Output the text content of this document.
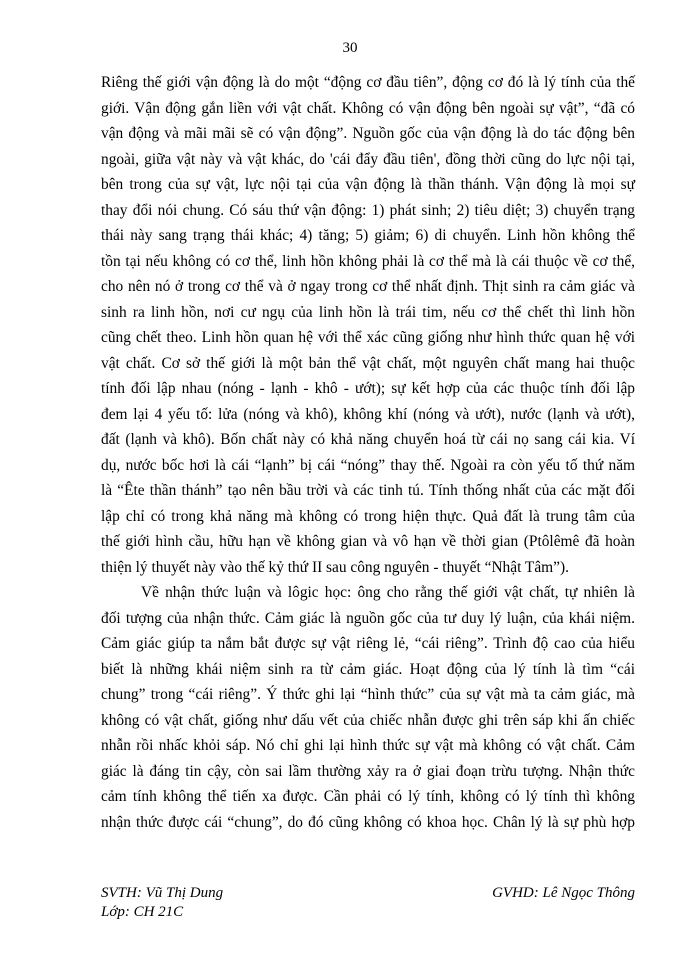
30

Riêng thế giới vận động là do một “động cơ đầu tiên”, động cơ đó là lý tính của thế
giới. Vận động gắn liền với vật chất. Không có vận động bên ngoài sự vật”, “đã có
vận động và mãi mãi sẽ có vận động”. Nguồn gốc của vận động là do tác động bên
ngoài, giữa vật này và vật khác, do 'cái đẩy đầu tiên', đồng thời cũng do lực nội tại,
bên trong của sự vật, lực nội tại của vận động là thần thánh. Vận động là mọi sự
thay đổi nói chung. Có sáu thứ vận động: 1) phát sinh; 2) tiêu diệt; 3) chuyển trạng
thái này sang trạng thái khác; 4) tăng; 5) giảm; 6) di chuyển. Linh hồn không thể
tồn tại nếu không có cơ thể, linh hồn không phải là cơ thể mà là cái thuộc về cơ thể,
cho nên nó ở trong cơ thể và ở ngay trong cơ thể nhất định. Thịt sinh ra cảm giác và
sinh ra linh hồn, nơi cư ngụ của linh hồn là trái tim, nếu cơ thể chết thì linh hồn
cũng chết theo. Linh hồn quan hệ với thể xác cũng giống như hình thức quan hệ với
vật chất. Cơ sở thế giới là một bản thể vật chất, một nguyên chất mang hai thuộc
tính đối lập nhau (nóng - lạnh - khô - ướt); sự kết hợp của các thuộc tính đối lập
đem lại 4 yếu tố: lửa (nóng và khô), không khí (nóng và ướt), nước (lạnh và ướt),
đất (lạnh và khô). Bốn chất này có khả năng chuyển hoá từ cái nọ sang cái kia. Ví
dụ, nước bốc hơi là cái “lạnh” bị cái “nóng” thay thế. Ngoài ra còn yếu tố thứ năm
là “Ête thần thánh” tạo nên bầu trời và các tinh tú. Tính thống nhất của các mặt đối
lập chỉ có trong khả năng mà không có trong hiện thực. Quả đất là trung tâm của
thế giới hình cầu, hữu hạn về không gian và vô hạn về thời gian (Ptôlêmê đã hoàn
thiện lý thuyết này vào thế kỷ thứ II sau công nguyên - thuyết “Nhật Tâm”).

Về nhận thức luận và lôgic học: ông cho rằng thế giới vật chất, tự nhiên là
đối tượng của nhận thức. Cảm giác là nguồn gốc của tư duy lý luận, của khái niệm.
Cảm giác giúp ta nắm bắt được sự vật riêng lẻ, “cái riêng”. Trình độ cao của hiểu
biết là những khái niệm sinh ra từ cảm giác. Hoạt động của lý tính là tìm “cái
chung” trong “cái riêng”. Ý thức ghi lại “hình thức” của sự vật mà ta cảm giác, mà
không có vật chất, giống như dấu vết của chiếc nhẫn được ghi trên sáp khi ấn chiếc
nhẫn rồi nhấc khỏi sáp. Nó chỉ ghi lại hình thức sự vật mà không có vật chất. Cảm
giác là đáng tin cậy, còn sai lầm thường xảy ra ở giai đoạn trừu tượng. Nhận thức
cảm tính không thể tiến xa được. Cần phải có lý tính, không có lý tính thì không
nhận thức được cái “chung”, do đó cũng không có khoa học. Chân lý là sự phù hợp

SVTH: Vũ Thị Dung	GVHD: Lê Ngọc Thông
Lớp: CH 21C
